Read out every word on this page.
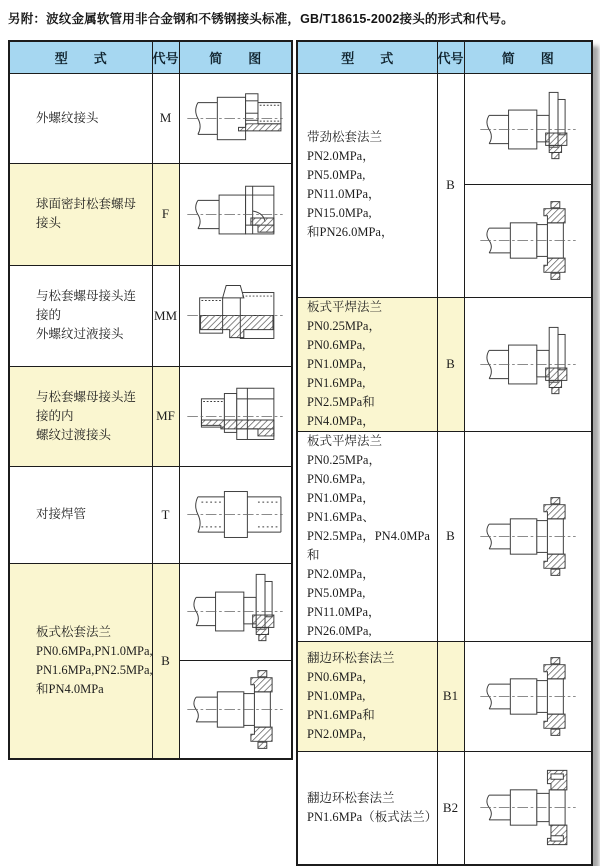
另附：波纹金属软管用非合金钢和不锈钢接头标准，GB/T18615-2002接头的形式和代号。
型　　式	代号	简　　图
外螺纹接头	M	

球面密封松套螺母接头	F	

与松套螺母接头连接的
外螺纹过液接头	MM	

与松套螺母接头连接的内
螺纹过渡接头	MF	

对接焊管	T	

板式松套法兰
PN0.6MPa,PN1.0MPa,
PN1.6MPa,PN2.5MPa,
和PN4.0MPa	B	
型　　式	代号	简　　图
带劲松套法兰
PN2.0MPa，PN5.0MPa,
PN11.0MPa，PN15.0MPa,
和PN26.0MPa，	B	

板式平焊法兰
PN0.25MPa，PN0.6MPa,
PN1.0MPa，PN1.6MPa,
PN2.5MPa和PN4.0MPa，	B	

板式平焊法兰
PN0.25MPa，PN0.6MPa,
PN1.0MPa，PN1.6MPa、
PN2.5MPa，PN4.0MPa和
PN2.0MPa，PN5.0MPa,
PN11.0MPa，PN26.0MPa,	B	

翻边环松套法兰
PN0.6MPa，PN1.0MPa,
PN1.6MPa和PN2.0MPa，	B1	

翻边环松套法兰
PN1.6MPa（板式法兰）	B2	
